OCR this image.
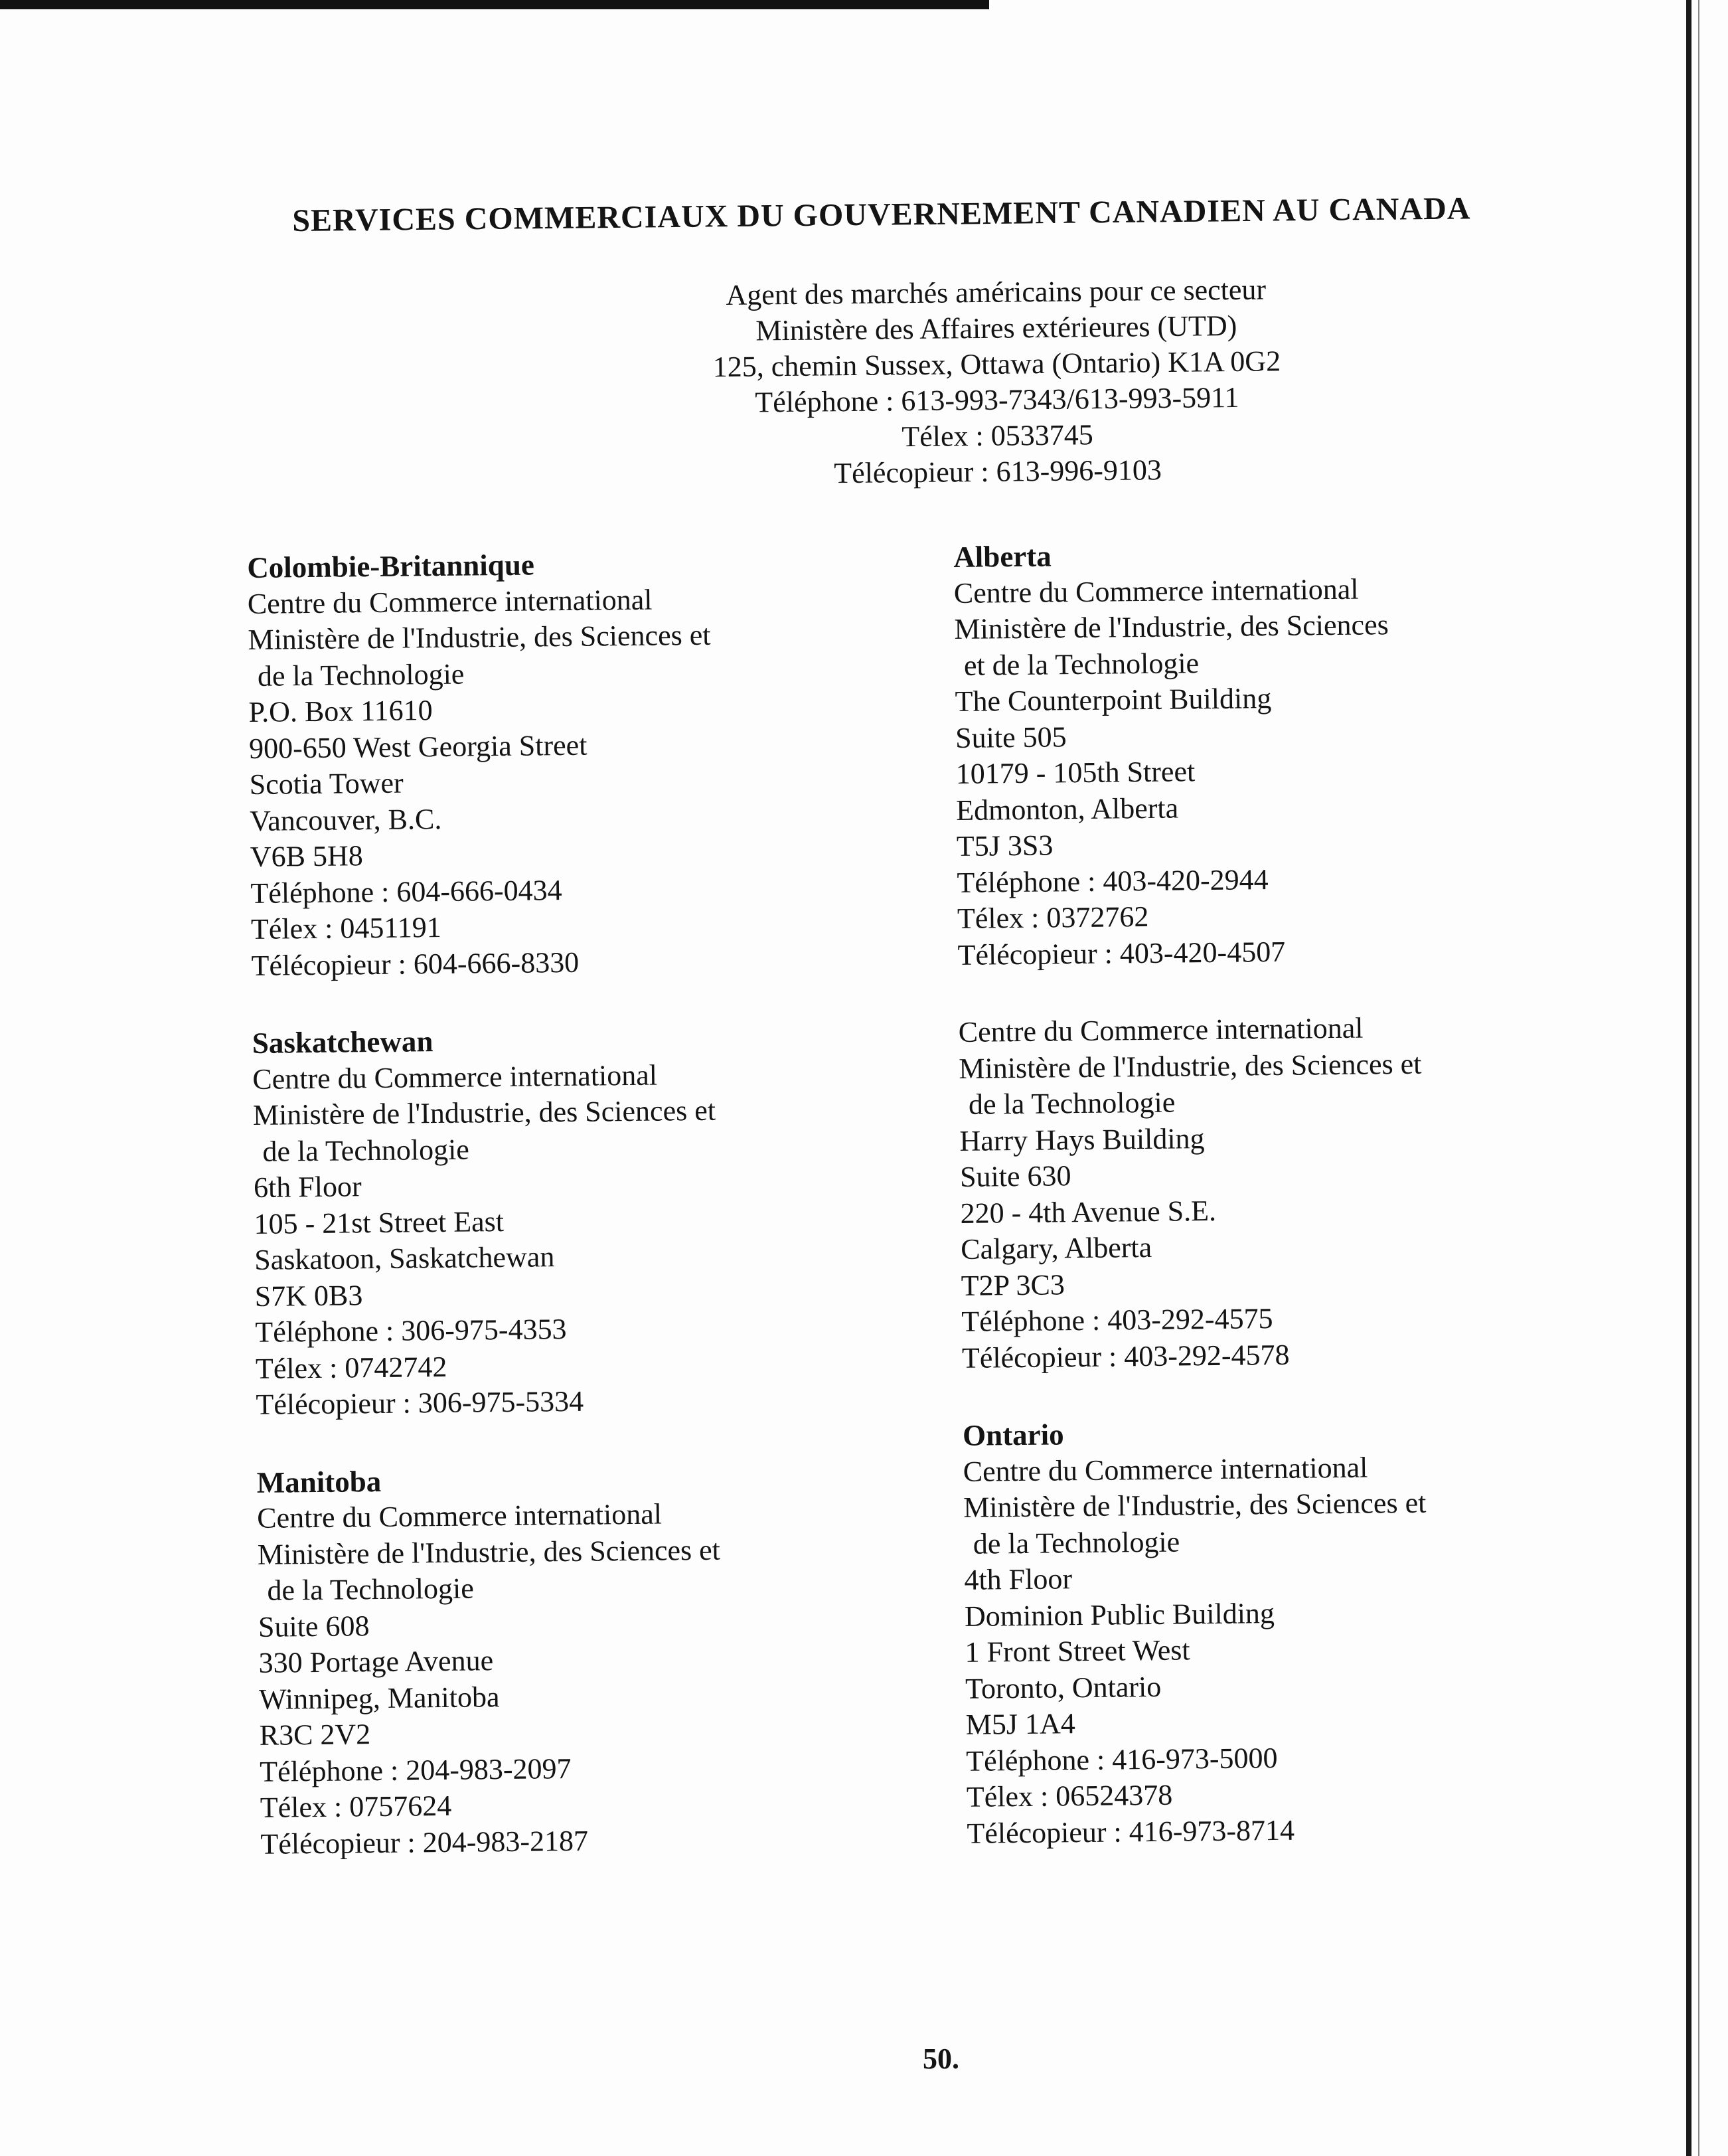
SERVICES COMMERCIAUX DU GOUVERNEMENT CANADIEN AU CANADA
Agent des marchés américains pour ce secteur
Ministère des Affaires extérieures (UTD)
125, chemin Sussex, Ottawa (Ontario) K1A 0G2
Téléphone : 613-993-7343/613-993-5911
Télex : 0533745
Télécopieur : 613-996-9103
Colombie-Britannique
Centre du Commerce international
Ministère de l'Industrie, des Sciences et
de la Technologie
P.O. Box 11610
900-650 West Georgia Street
Scotia Tower
Vancouver, B.C.
V6B 5H8
Téléphone : 604-666-0434
Télex : 0451191
Télécopieur : 604-666-8330
Saskatchewan
Centre du Commerce international
Ministère de l'Industrie, des Sciences et
de la Technologie
6th Floor
105 - 21st Street East
Saskatoon, Saskatchewan
S7K 0B3
Téléphone : 306-975-4353
Télex : 0742742
Télécopieur : 306-975-5334
Manitoba
Centre du Commerce international
Ministère de l'Industrie, des Sciences et
de la Technologie
Suite 608
330 Portage Avenue
Winnipeg, Manitoba
R3C 2V2
Téléphone : 204-983-2097
Télex : 0757624
Télécopieur : 204-983-2187
Alberta
Centre du Commerce international
Ministère de l'Industrie, des Sciences
et de la Technologie
The Counterpoint Building
Suite 505
10179 - 105th Street
Edmonton, Alberta
T5J 3S3
Téléphone : 403-420-2944
Télex : 0372762
Télécopieur : 403-420-4507
Centre du Commerce international
Ministère de l'Industrie, des Sciences et
de la Technologie
Harry Hays Building
Suite 630
220 - 4th Avenue S.E.
Calgary, Alberta
T2P 3C3
Téléphone : 403-292-4575
Télécopieur : 403-292-4578
Ontario
Centre du Commerce international
Ministère de l'Industrie, des Sciences et
de la Technologie
4th Floor
Dominion Public Building
1 Front Street West
Toronto, Ontario
M5J 1A4
Téléphone : 416-973-5000
Télex : 06524378
Télécopieur : 416-973-8714
50.
